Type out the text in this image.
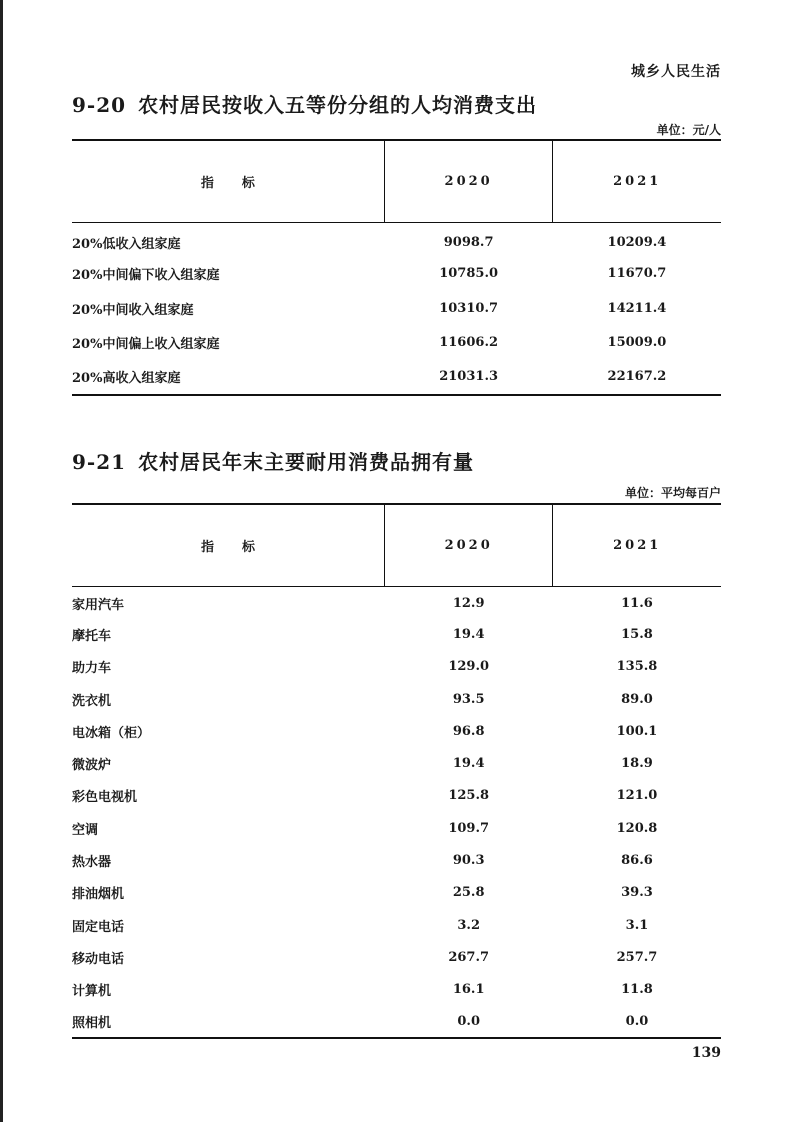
城乡人民生活
9-20 农村居民按收入五等份分组的人均消费支出
单位：元/人
指 标	2020	2021
20%低收入组家庭	9098.7	10209.4
20%中间偏下收入组家庭	10785.0	11670.7
20%中间收入组家庭	10310.7	14211.4
20%中间偏上收入组家庭	11606.2	15009.0
20%高收入组家庭	21031.3	22167.2
9-21 农村居民年末主要耐用消费品拥有量
单位：平均每百户
指 标	2020	2021
家用汽车	12.9	11.6
摩托车	19.4	15.8
助力车	129.0	135.8
洗衣机	93.5	89.0
电冰箱（柜）	96.8	100.1
微波炉	19.4	18.9
彩色电视机	125.8	121.0
空调	109.7	120.8
热水器	90.3	86.6
排油烟机	25.8	39.3
固定电话	3.2	3.1
移动电话	267.7	257.7
计算机	16.1	11.8
照相机	0.0	0.0
139
